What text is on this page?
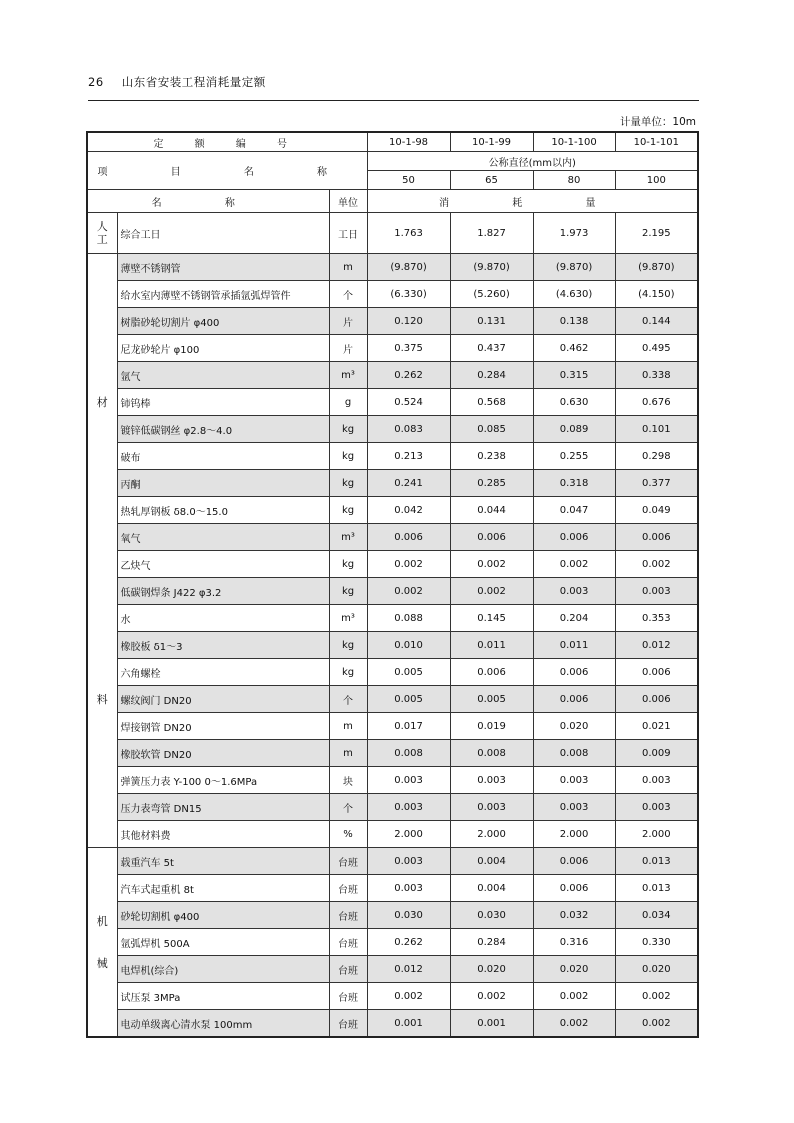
26 山东省安装工程消耗量定额
计量单位：10m
定 额 编 号			10-1-98	10-1-99	10-1-100	10-1-101
项 目 名 称			公称直径(mm以内)			
			50	65	80	100
名 称		单位	消 耗 量			
人工	综合工日	工日	1.763	1.827	1.973	2.195

材
料	薄壁不锈钢管	m	(9.870)	(9.870)	(9.870)	(9.870)
	给水室内薄壁不锈钢管承插氩弧焊管件	个	(6.330)	(5.260)	(4.630)	(4.150)
	树脂砂轮切割片 φ400	片	0.120	0.131	0.138	0.144
	尼龙砂轮片 φ100	片	0.375	0.437	0.462	0.495
	氩气	m³	0.262	0.284	0.315	0.338
	铈钨棒	g	0.524	0.568	0.630	0.676
	镀锌低碳钢丝 φ2.8～4.0	kg	0.083	0.085	0.089	0.101
	破布	kg	0.213	0.238	0.255	0.298
	丙酮	kg	0.241	0.285	0.318	0.377
	热轧厚钢板 δ8.0～15.0	kg	0.042	0.044	0.047	0.049
	氧气	m³	0.006	0.006	0.006	0.006
	乙炔气	kg	0.002	0.002	0.002	0.002
	低碳钢焊条 J422 φ3.2	kg	0.002	0.002	0.003	0.003
	水	m³	0.088	0.145	0.204	0.353
	橡胶板 δ1～3	kg	0.010	0.011	0.011	0.012
	六角螺栓	kg	0.005	0.006	0.006	0.006
	螺纹阀门 DN20	个	0.005	0.005	0.006	0.006
	焊接钢管 DN20	m	0.017	0.019	0.020	0.021
	橡胶软管 DN20	m	0.008	0.008	0.008	0.009
	弹簧压力表 Y-100 0～1.6MPa	块	0.003	0.003	0.003	0.003
	压力表弯管 DN15	个	0.003	0.003	0.003	0.003
	其他材料费	%	2.000	2.000	2.000	2.000

机
械	载重汽车 5t	台班	0.003	0.004	0.006	0.013
	汽车式起重机 8t	台班	0.003	0.004	0.006	0.013
	砂轮切割机 φ400	台班	0.030	0.030	0.032	0.034
	氩弧焊机 500A	台班	0.262	0.284	0.316	0.330
	电焊机(综合)	台班	0.012	0.020	0.020	0.020
	试压泵 3MPa	台班	0.002	0.002	0.002	0.002
	电动单级离心清水泵 100mm	台班	0.001	0.001	0.002	0.002
